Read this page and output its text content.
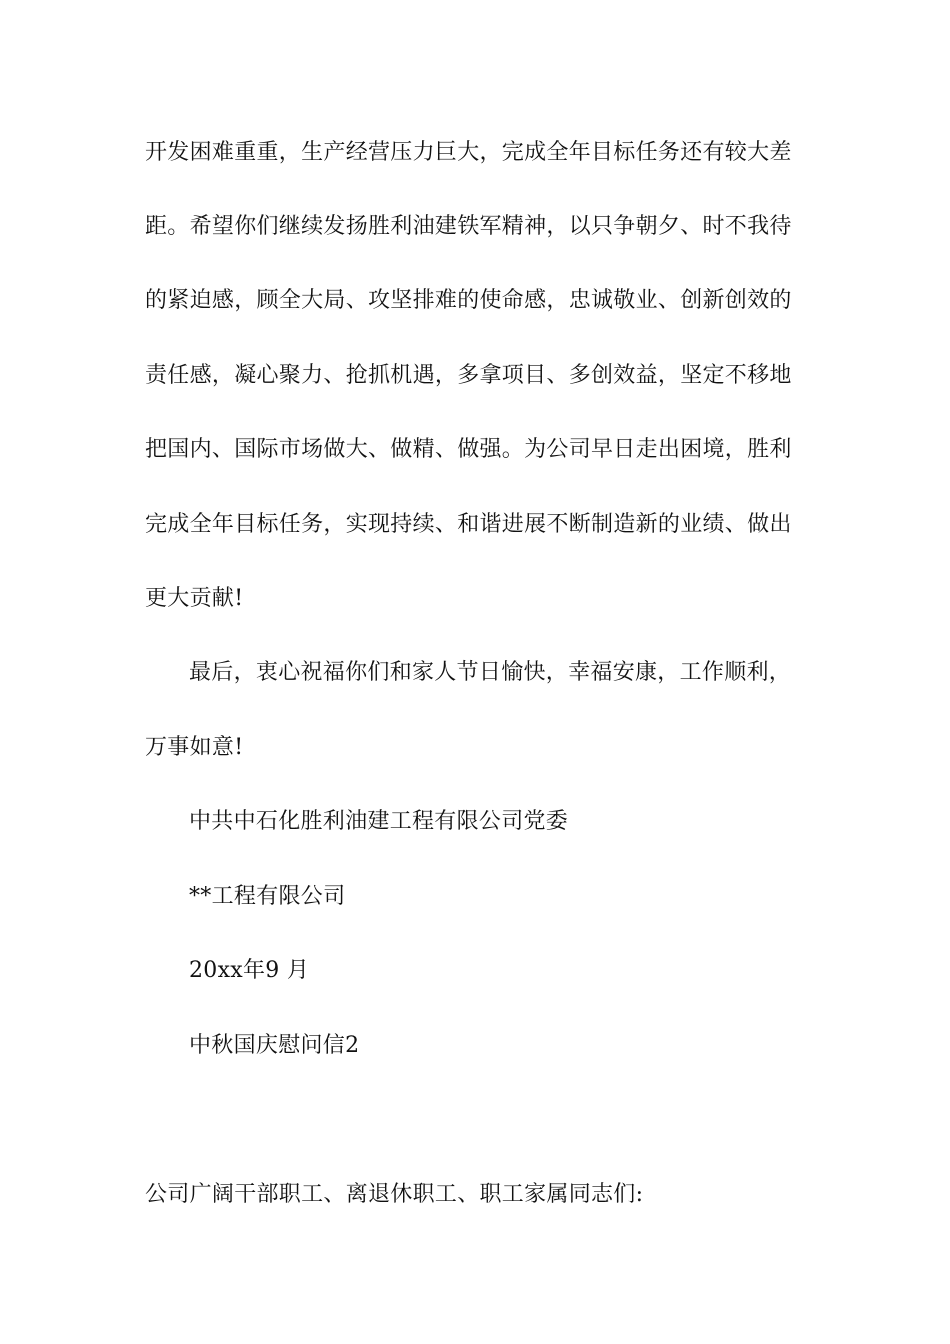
开发困难重重，生产经营压力巨大，完成全年目标任务还有较大差
距。希望你们继续发扬胜利油建铁军精神，以只争朝夕、时不我待
的紧迫感，顾全大局、攻坚排难的使命感，忠诚敬业、创新创效的
责任感，凝心聚力、抢抓机遇，多拿项目、多创效益，坚定不移地
把国内、国际市场做大、做精、做强。为公司早日走出困境，胜利
完成全年目标任务，实现持续、和谐进展不断制造新的业绩、做出
更大贡献!
最后，衷心祝福你们和家人节日愉快，幸福安康，工作顺利，
万事如意!
中共中石化胜利油建工程有限公司党委
**工程有限公司
20xx年9 月
中秋国庆慰问信2
公司广阔干部职工、离退休职工、职工家属同志们:
